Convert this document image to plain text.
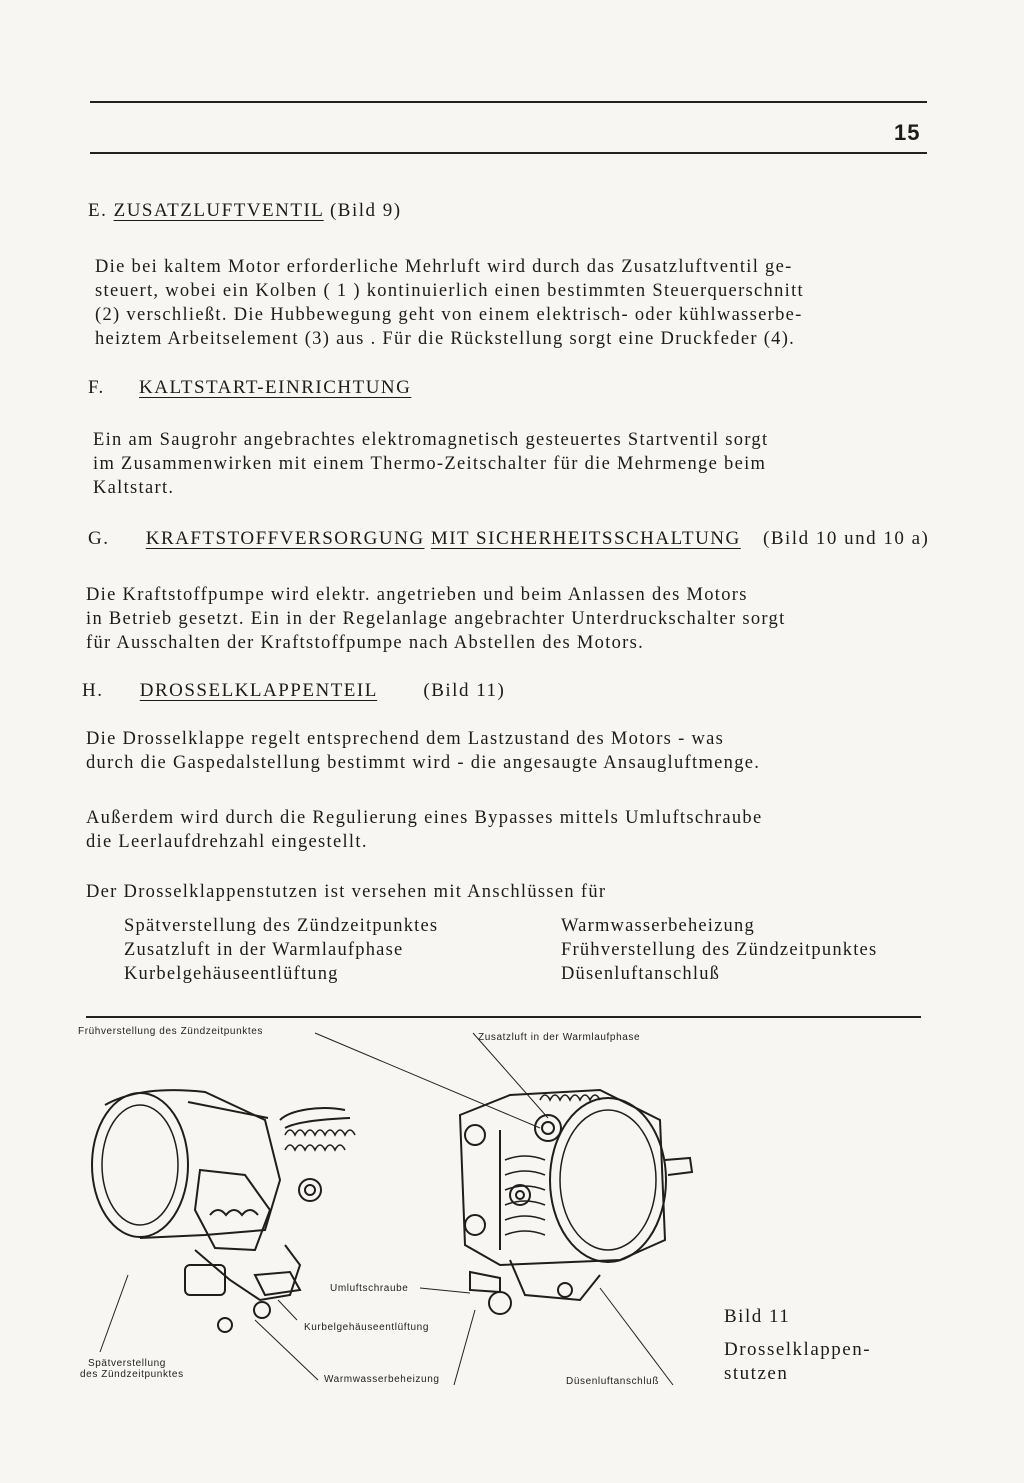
15
E. ZUSATZLUFTVENTIL (Bild 9)
Die bei kaltem Motor erforderliche Mehrluft wird durch das Zusatzluftventil ge-
steuert, wobei ein Kolben ( 1 ) kontinuierlich einen bestimmten Steuerquerschnitt
(2) verschließt. Die Hubbewegung geht von einem elektrisch- oder kühlwasserbe-
heiztem Arbeitselement (3) aus . Für die Rückstellung sorgt eine Druckfeder (4).
F. KALTSTART-EINRICHTUNG
Ein am Saugrohr angebrachtes elektromagnetisch gesteuertes Startventil sorgt
im Zusammenwirken mit einem Thermo-Zeitschalter für die Mehrmenge beim
Kaltstart.
G. KRAFTSTOFFVERSORGUNG MIT SICHERHEITSSCHALTUNG (Bild 10 und 10 a)
Die Kraftstoffpumpe wird elektr. angetrieben und beim Anlassen des Motors
in Betrieb gesetzt. Ein in der Regelanlage angebrachter Unterdruckschalter sorgt
für Ausschalten der Kraftstoffpumpe nach Abstellen des Motors.
H. DROSSELKLAPPENTEIL (Bild 11)
Die Drosselklappe regelt entsprechend dem Lastzustand des Motors - was
durch die Gaspedalstellung bestimmt wird - die angesaugte Ansaugluftmenge.
Außerdem wird durch die Regulierung eines Bypasses mittels Umluftschraube
die Leerlaufdrehzahl eingestellt.
Der Drosselklappenstutzen ist versehen mit Anschlüssen für
Spätverstellung des Zündzeitpunktes
Zusatzluft in der Warmlaufphase
Kurbelgehäuseentlüftung
Warmwasserbeheizung
Frühverstellung des Zündzeitpunktes
Düsenluftanschluß
Frühverstellung des Zündzeitpunktes
Zusatzluft in der Warmlaufphase
Umluftschraube
Kurbelgehäuseentlüftung
Spätverstellung
des Zündzeitpunktes	Warmwasserbeheizung	Düsenluftanschluß
Bild 11
Drosselklappen-
stutzen
